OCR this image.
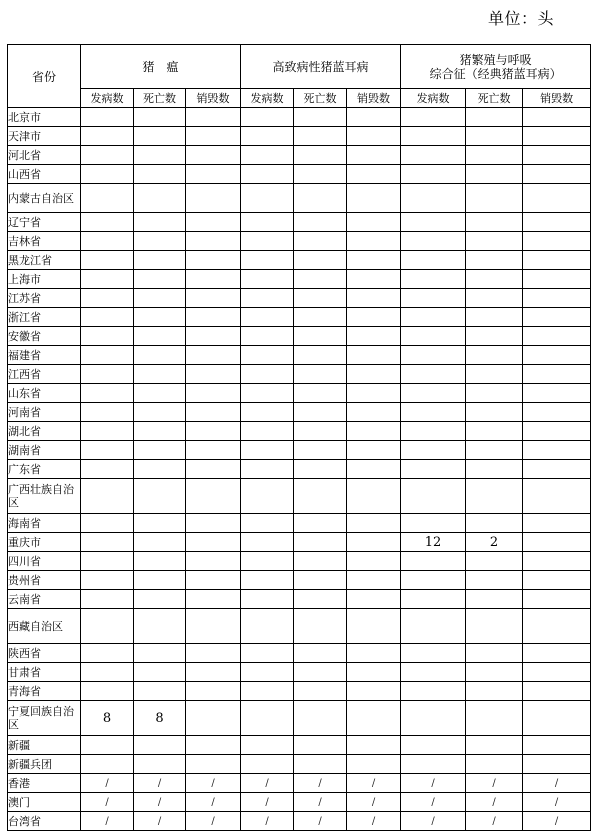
单位：头
省份	猪　瘟			高致病性猪蓝耳病			猪繁殖与呼吸
综合征（经典猪蓝耳病）		

	发病数	死亡数	销毁数	发病数	死亡数	销毁数	发病数	死亡数	销毁数
北京市									
天津市									
河北省									
山西省									
内蒙古自治区									
辽宁省									
吉林省									
黑龙江省									
上海市									
江苏省									
浙江省									
安徽省									
福建省									
江西省									
山东省									
河南省									
湖北省									
湖南省									
广东省									
广西壮族自治区									
海南省									
重庆市							12	2	
四川省									
贵州省									
云南省									
西藏自治区									
陕西省									
甘肃省									
青海省									
宁夏回族自治区	8	8							
新疆									
新疆兵团									
香港	/	/	/	/	/	/	/	/	/
澳门	/	/	/	/	/	/	/	/	/
台湾省	/	/	/	/	/	/	/	/	/
